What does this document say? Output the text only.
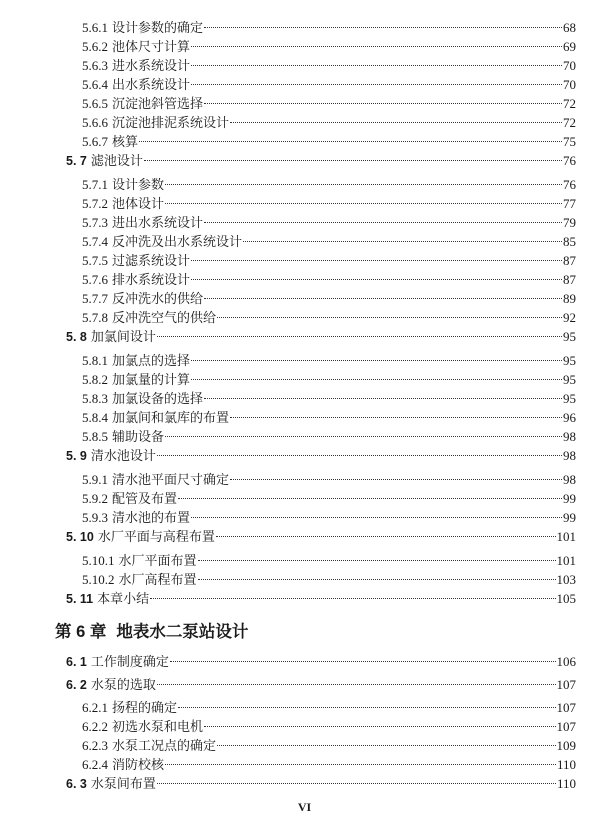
5.6.1 设计参数的确定	68
5.6.2 池体尺寸计算	69
5.6.3 进水系统设计	70
5.6.4 出水系统设计	70
5.6.5 沉淀池斜管选择	72
5.6.6 沉淀池排泥系统设计	72
5.6.7 核算	75
5. 7 滤池设计	76
5.7.1 设计参数	76
5.7.2 池体设计	77
5.7.3 进出水系统设计	79
5.7.4 反冲洗及出水系统设计	85
5.7.5 过滤系统设计	87
5.7.6 排水系统设计	87
5.7.7 反冲洗水的供给	89
5.7.8 反冲洗空气的供给	92
5. 8 加氯间设计	95
5.8.1 加氯点的选择	95
5.8.2 加氯量的计算	95
5.8.3 加氯设备的选择	95
5.8.4 加氯间和氯库的布置	96
5.8.5 辅助设备	98
5. 9 清水池设计	98
5.9.1 清水池平面尺寸确定	98
5.9.2 配管及布置	99
5.9.3 清水池的布置	99
5. 10 水厂平面与高程布置	101
5.10.1 水厂平面布置	101
5.10.2 水厂高程布置	103
5. 11 本章小结	105
第 6 章 地表水二泵站设计
6. 1 工作制度确定	106
6. 2 水泵的选取	107
6.2.1 扬程的确定	107
6.2.2 初选水泵和电机	107
6.2.3 水泵工况点的确定	109
6.2.4 消防校核	110
6. 3 水泵间布置	110
VI
